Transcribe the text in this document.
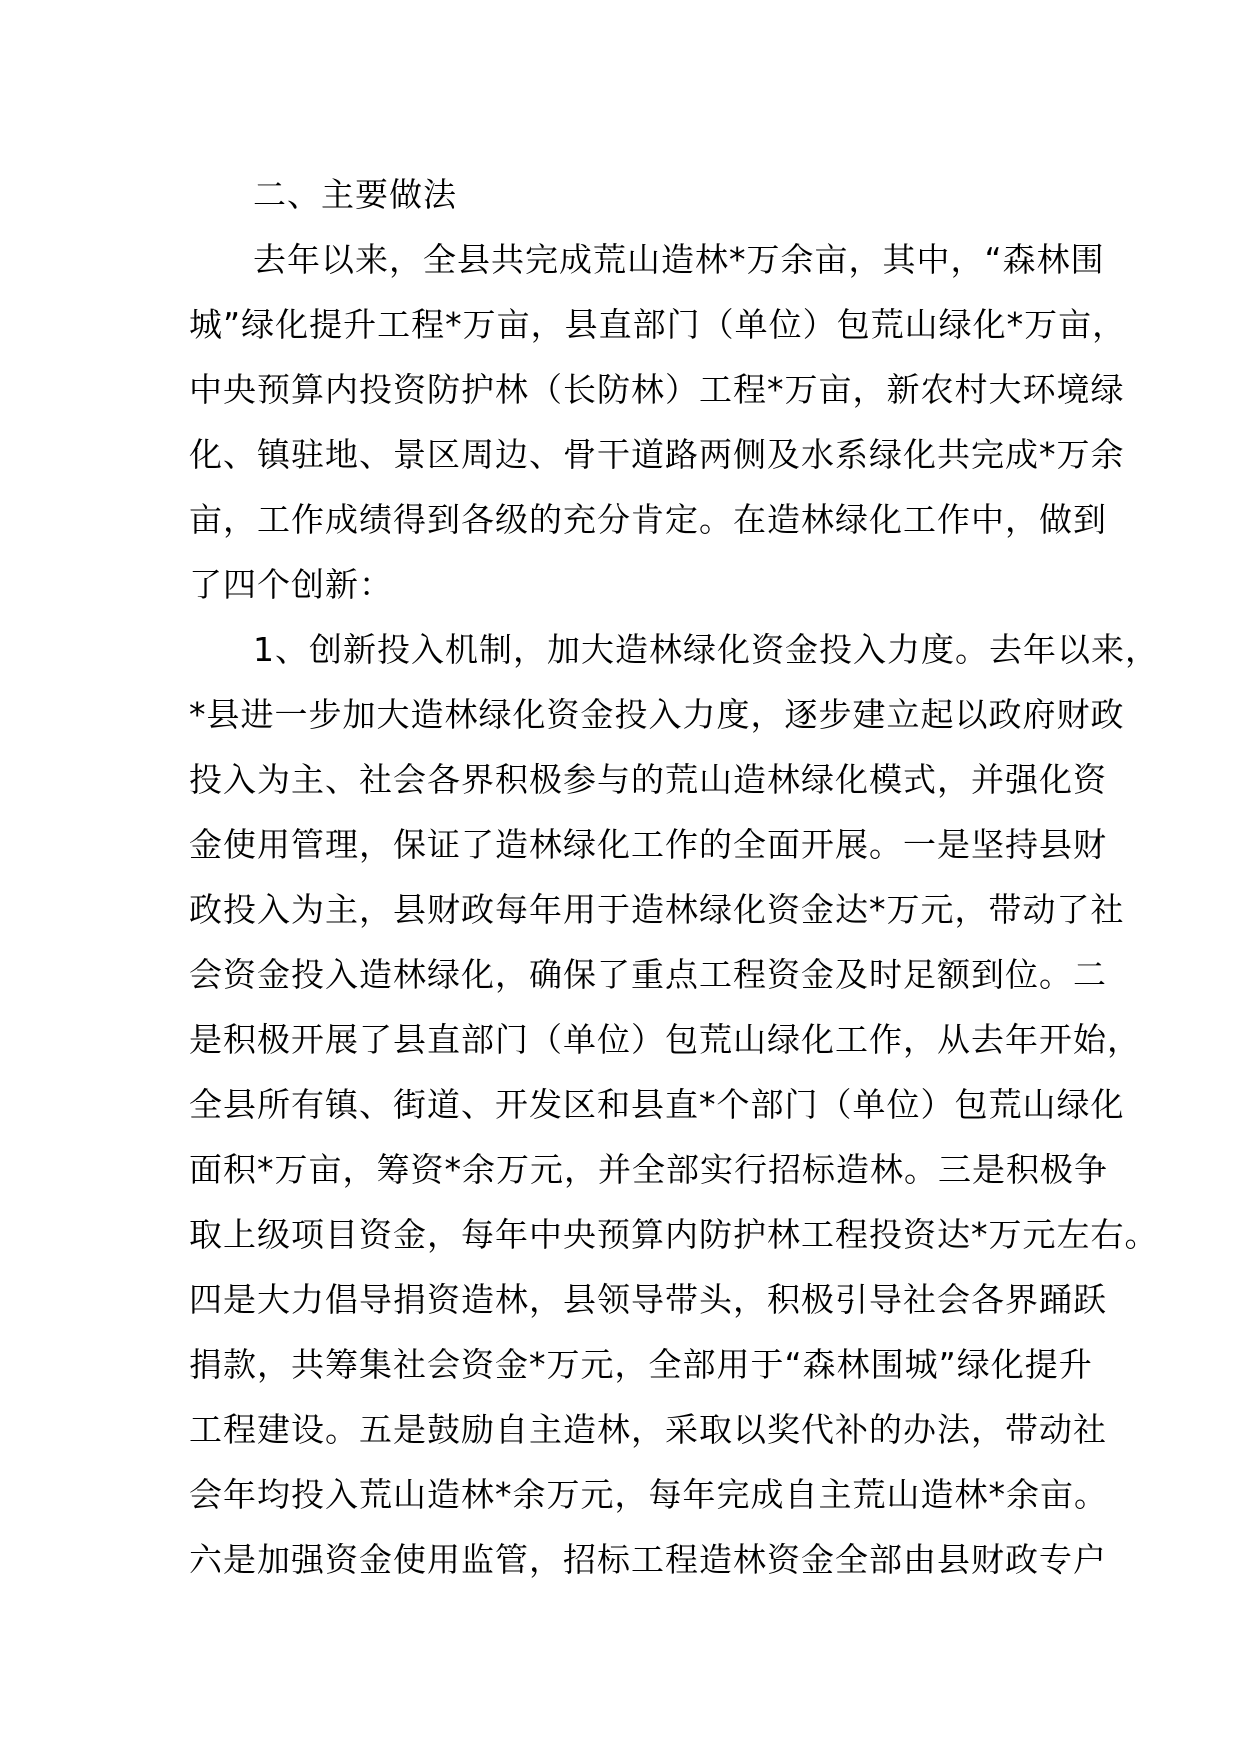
二、主要做法
去年以来，全县共完成荒山造林*万余亩，其中，“森林围
城”绿化提升工程*万亩，县直部门（单位）包荒山绿化*万亩，
中央预算内投资防护林（长防林）工程*万亩，新农村大环境绿
化、镇驻地、景区周边、骨干道路两侧及水系绿化共完成*万余
亩，工作成绩得到各级的充分肯定。在造林绿化工作中，做到
了四个创新：
1、创新投入机制，加大造林绿化资金投入力度。去年以来，
*县进一步加大造林绿化资金投入力度，逐步建立起以政府财政
投入为主、社会各界积极参与的荒山造林绿化模式，并强化资
金使用管理，保证了造林绿化工作的全面开展。一是坚持县财
政投入为主，县财政每年用于造林绿化资金达*万元，带动了社
会资金投入造林绿化，确保了重点工程资金及时足额到位。二
是积极开展了县直部门（单位）包荒山绿化工作，从去年开始，
全县所有镇、街道、开发区和县直*个部门（单位）包荒山绿化
面积*万亩，筹资*余万元，并全部实行招标造林。三是积极争
取上级项目资金，每年中央预算内防护林工程投资达*万元左右。
四是大力倡导捐资造林，县领导带头，积极引导社会各界踊跃
捐款，共筹集社会资金*万元，全部用于“森林围城”绿化提升
工程建设。五是鼓励自主造林，采取以奖代补的办法，带动社
会年均投入荒山造林*余万元，每年完成自主荒山造林*余亩。
六是加强资金使用监管，招标工程造林资金全部由县财政专户
